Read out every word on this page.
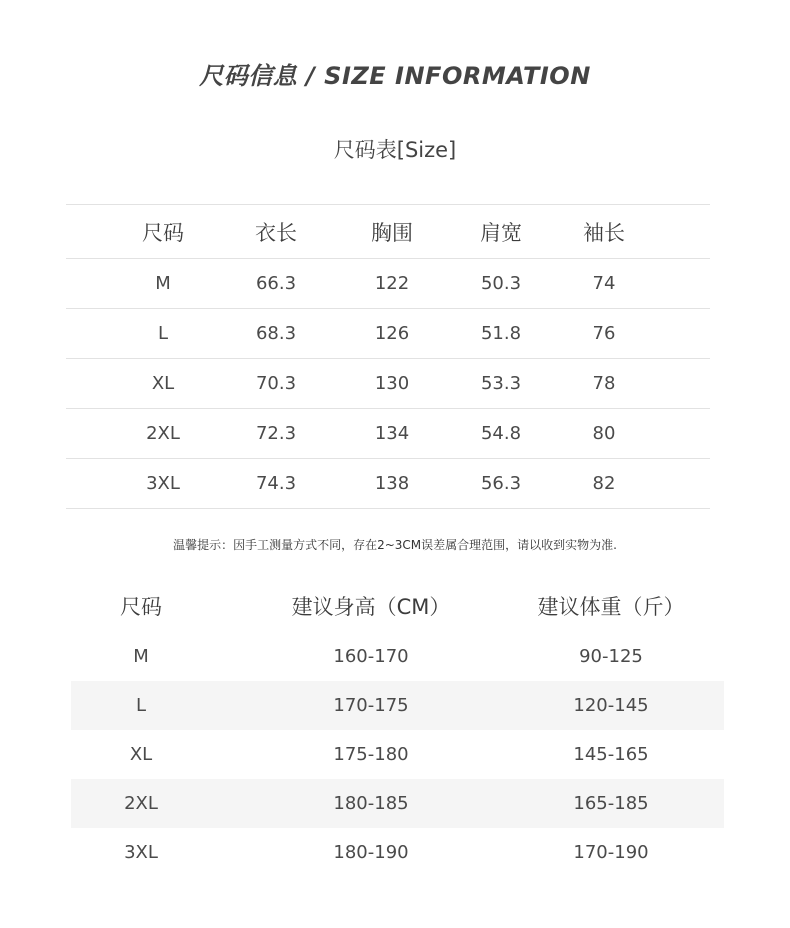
尺码信息 / SIZE INFORMATION
尺码表[Size]
尺码	衣长	胸围	肩宽	袖长
M	66.3	122	50.3	74
L	68.3	126	51.8	76
XL	70.3	130	53.3	78
2XL	72.3	134	54.8	80
3XL	74.3	138	56.3	82
温馨提示：因手工测量方式不同，存在2~3CM误差属合理范围，请以收到实物为准.
尺码	建议身高（CM）	建议体重（斤）
M	160-170	90-125
L	170-175	120-145
XL	175-180	145-165
2XL	180-185	165-185
3XL	180-190	170-190
